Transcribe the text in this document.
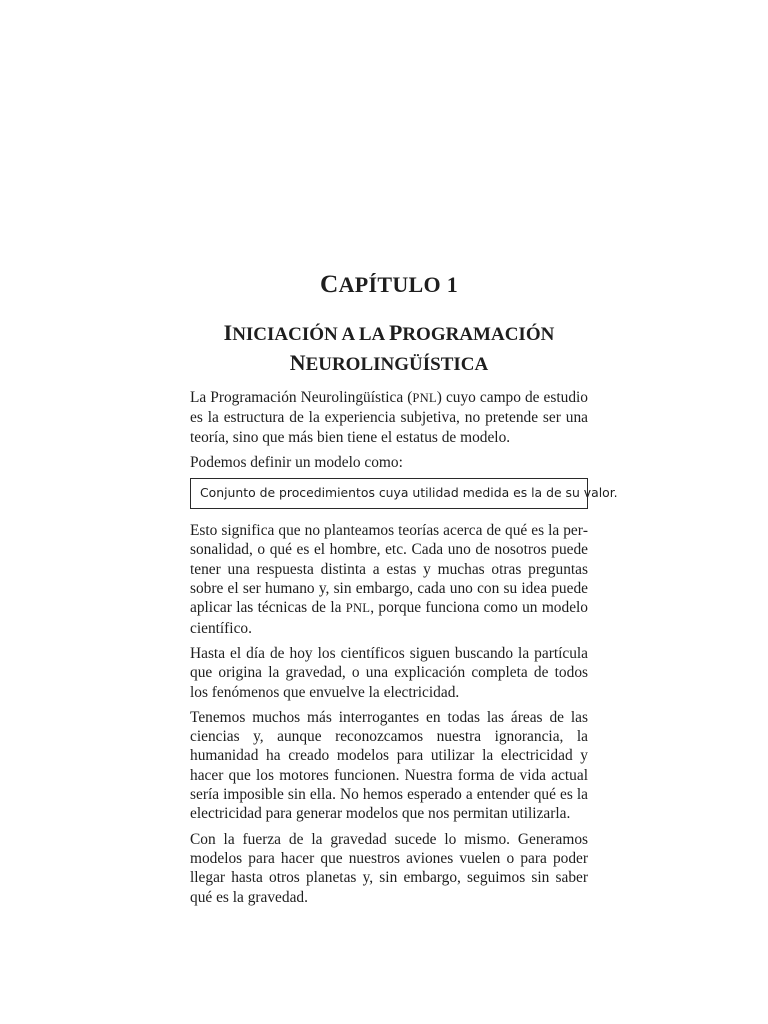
CAPÍTULO 1
INICIACIÓN A LA PROGRAMACIÓN
NEUROLINGÜÍSTICA

La Programación Neurolingüística (PNL) cuyo campo de estudio es la estructura de la experiencia subjetiva, no pretende ser una teoría, sino que más bien tiene el estatus de modelo.

Podemos definir un modelo como:

Conjunto de procedimientos cuya utilidad medida es la de su valor.

Esto significa que no planteamos teorías acerca de qué es la personalidad, o qué es el hombre, etc. Cada uno de nosotros puede tener una respuesta distinta a estas y muchas otras preguntas sobre el ser humano y, sin embargo, cada uno con su idea puede aplicar las técnicas de la PNL, porque funciona como un modelo científico.

Hasta el día de hoy los científicos siguen buscando la partícula que origina la gravedad, o una explicación completa de todos los fenómenos que envuelve la electricidad.

Tenemos muchos más interrogantes en todas las áreas de las ciencias y, aunque reconozcamos nuestra ignorancia, la humanidad ha creado modelos para utilizar la electricidad y hacer que los motores funcionen. Nuestra forma de vida actual sería imposible sin ella. No hemos esperado a entender qué es la electricidad para generar modelos que nos permitan utilizarla.

Con la fuerza de la gravedad sucede lo mismo. Generamos modelos para hacer que nuestros aviones vuelen o para poder llegar hasta otros planetas y, sin embargo, seguimos sin saber qué es la gravedad.
